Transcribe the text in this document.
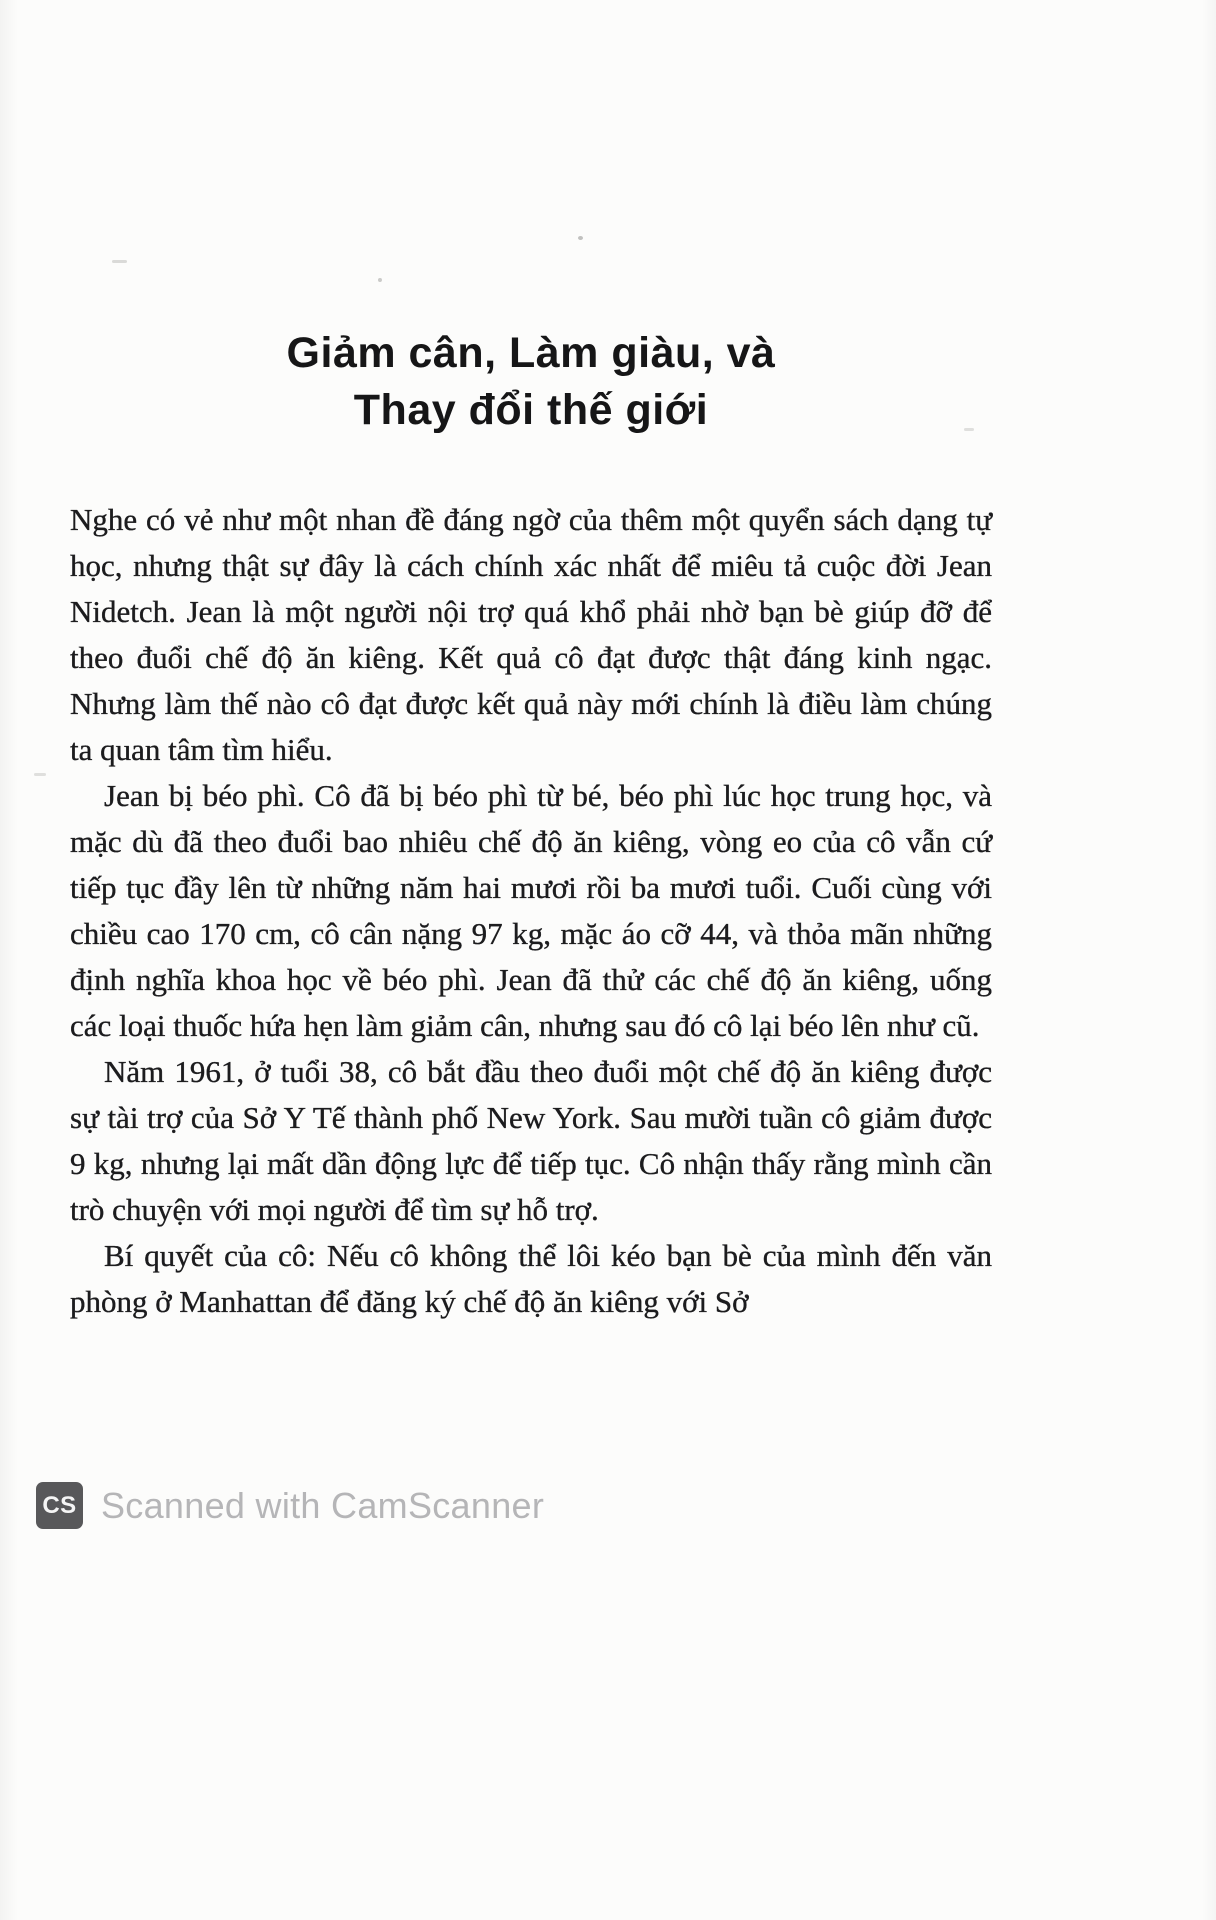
Giảm cân, Làm giàu, và
Thay đổi thế giới

Nghe có vẻ như một nhan đề đáng ngờ của thêm một quyển sách dạng tự học, nhưng thật sự đây là cách chính xác nhất để miêu tả cuộc đời Jean Nidetch. Jean là một người nội trợ quá khổ phải nhờ bạn bè giúp đỡ để theo đuổi chế độ ăn kiêng. Kết quả cô đạt được thật đáng kinh ngạc. Nhưng làm thế nào cô đạt được kết quả này mới chính là điều làm chúng ta quan tâm tìm hiểu.

Jean bị béo phì. Cô đã bị béo phì từ bé, béo phì lúc học trung học, và mặc dù đã theo đuổi bao nhiêu chế độ ăn kiêng, vòng eo của cô vẫn cứ tiếp tục đầy lên từ những năm hai mươi rồi ba mươi tuổi. Cuối cùng với chiều cao 170 cm, cô cân nặng 97 kg, mặc áo cỡ 44, và thỏa mãn những định nghĩa khoa học về béo phì. Jean đã thử các chế độ ăn kiêng, uống các loại thuốc hứa hẹn làm giảm cân, nhưng sau đó cô lại béo lên như cũ.

Năm 1961, ở tuổi 38, cô bắt đầu theo đuổi một chế độ ăn kiêng được sự tài trợ của Sở Y Tế thành phố New York. Sau mười tuần cô giảm được 9 kg, nhưng lại mất dần động lực để tiếp tục. Cô nhận thấy rằng mình cần trò chuyện với mọi người để tìm sự hỗ trợ.

Bí quyết của cô: Nếu cô không thể lôi kéo bạn bè của mình đến văn phòng ở Manhattan để đăng ký chế độ ăn kiêng với Sở

CS Scanned with CamScanner
